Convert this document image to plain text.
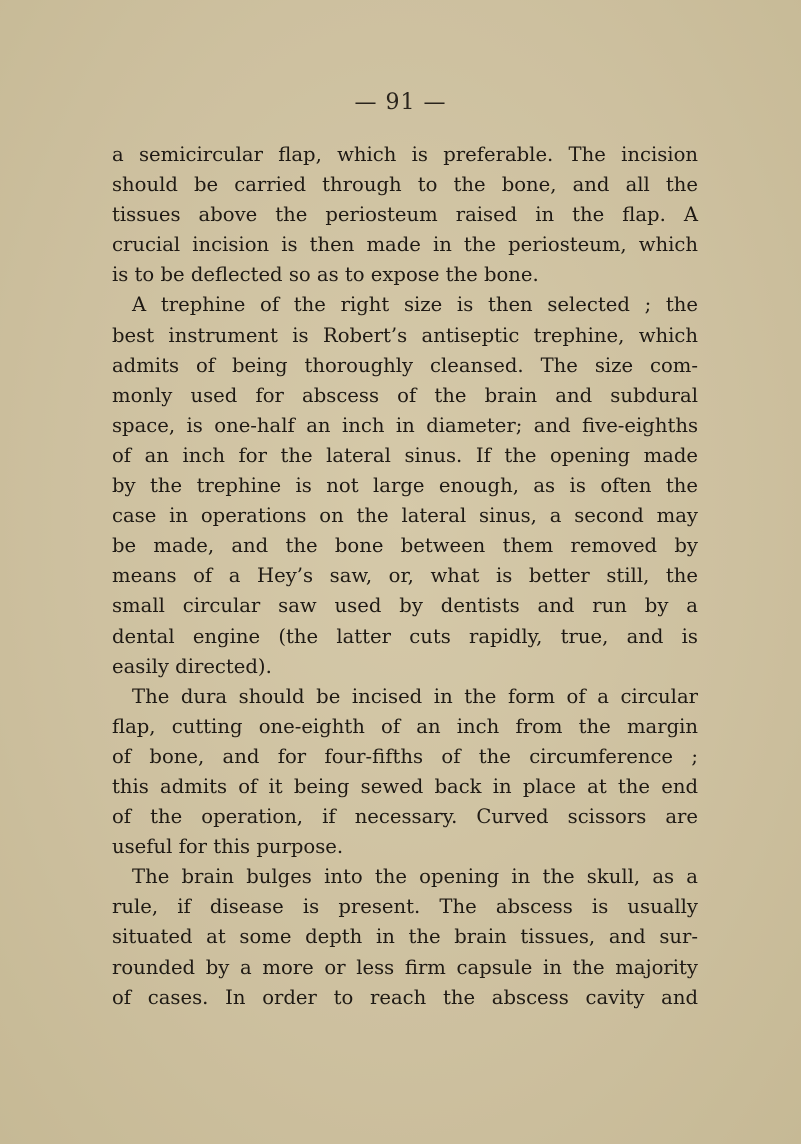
— 91 —
a semicircular flap, which is preferable. The incision
should be carried through to the bone, and all the
tissues above the periosteum raised in the flap. A
crucial incision is then made in the periosteum, which
is to be deflected so as to expose the bone.
A trephine of the right size is then selected ; the
best instrument is Robert’s antiseptic trephine, which
admits of being thoroughly cleansed. The size com-
monly used for abscess of the brain and subdural
space, is one-half an inch in diameter; and five-eighths
of an inch for the lateral sinus. If the opening made
by the trephine is not large enough, as is often the
case in operations on the lateral sinus, a second may
be made, and the bone between them removed by
means of a Hey’s saw, or, what is better still, the
small circular saw used by dentists and run by a
dental engine (the latter cuts rapidly, true, and is
easily directed).
The dura should be incised in the form of a circular
flap, cutting one-eighth of an inch from the margin
of bone, and for four-fifths of the circumference ;
this admits of it being sewed back in place at the end
of the operation, if necessary. Curved scissors are
useful for this purpose.
The brain bulges into the opening in the skull, as a
rule, if disease is present. The abscess is usually
situated at some depth in the brain tissues, and sur-
rounded by a more or less firm capsule in the majority
of cases. In order to reach the abscess cavity and
